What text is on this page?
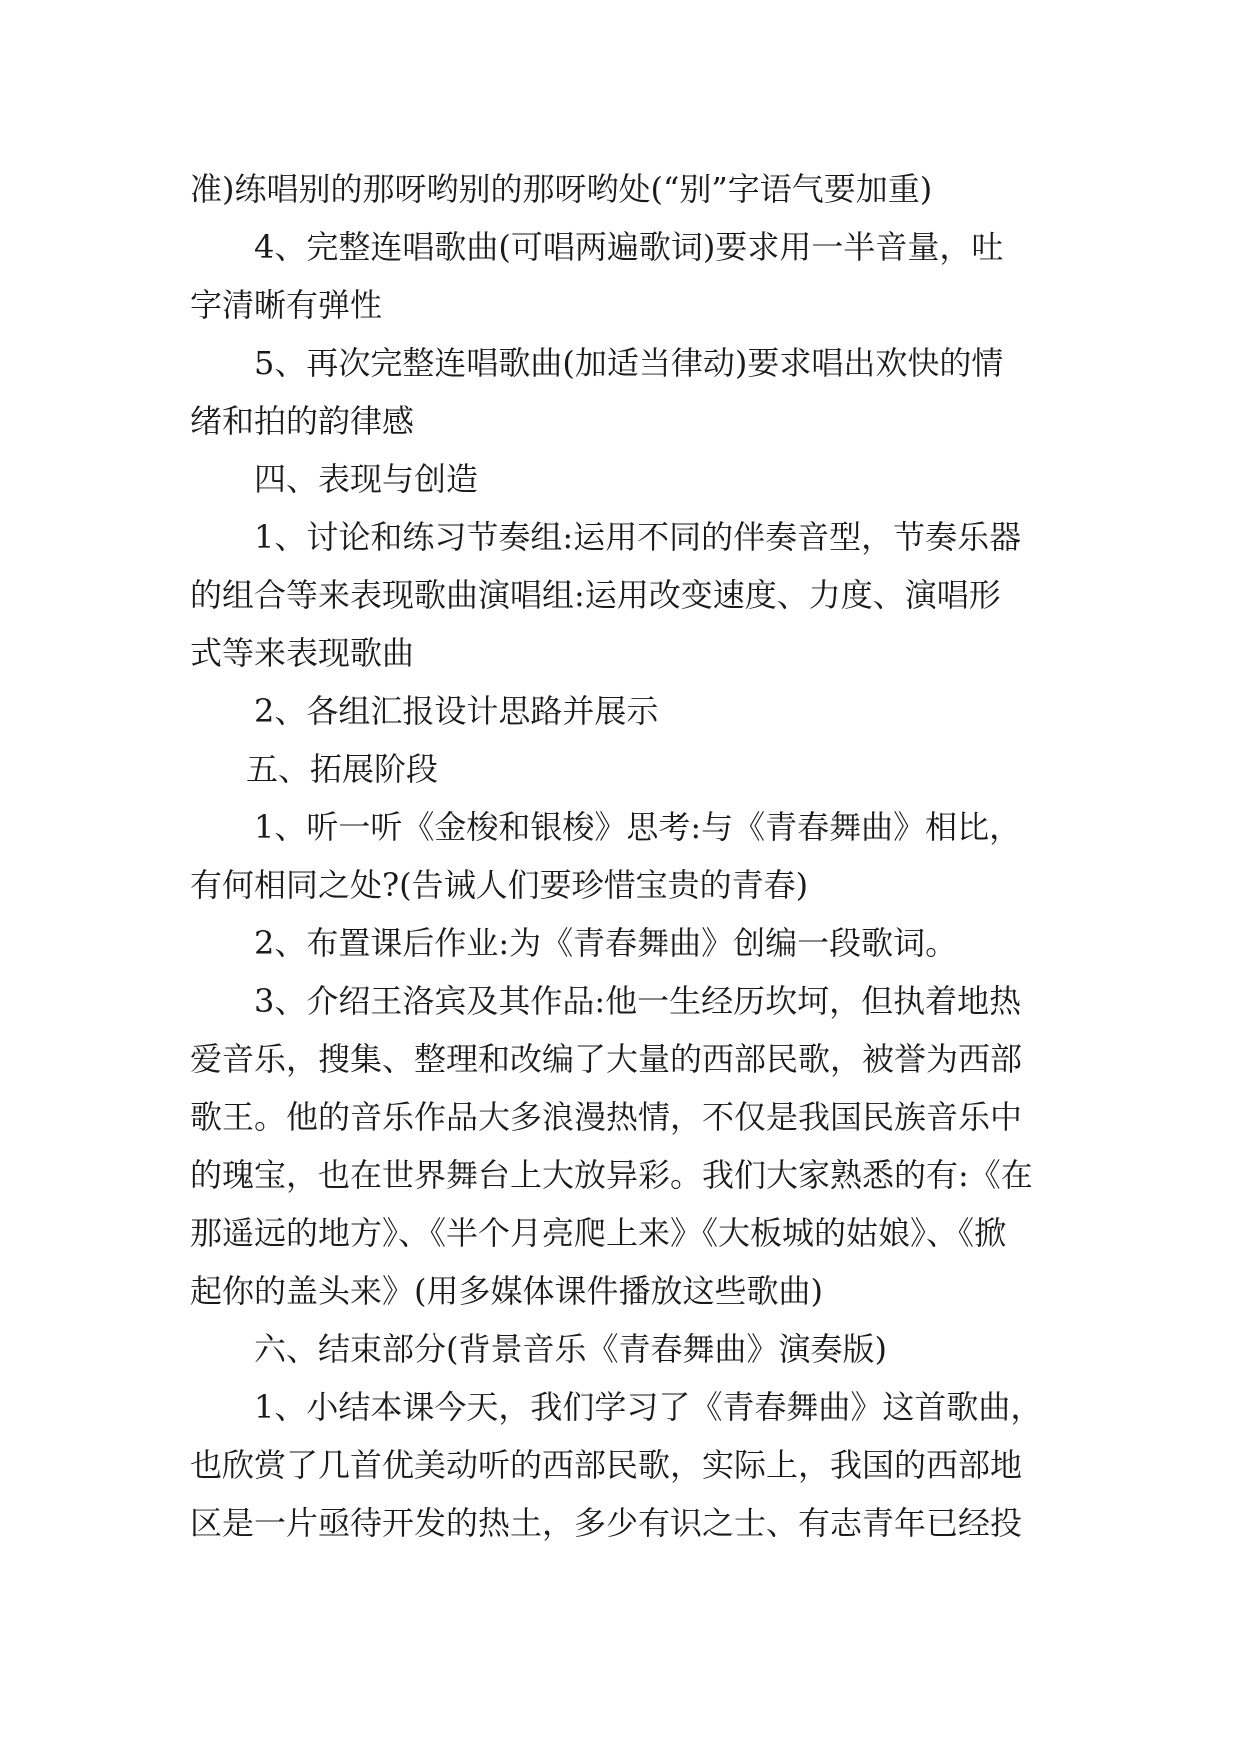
准)练唱别的那呀哟别的那呀哟处(“别”字语气要加重)
4、完整连唱歌曲(可唱两遍歌词)要求用一半音量，吐
字清晰有弹性
5、再次完整连唱歌曲(加适当律动)要求唱出欢快的情
绪和拍的韵律感
四、表现与创造
1、讨论和练习节奏组:运用不同的伴奏音型，节奏乐器
的组合等来表现歌曲演唱组:运用改变速度、力度、演唱形
式等来表现歌曲
2、各组汇报设计思路并展示
五、拓展阶段
1、听一听《金梭和银梭》思考:与《青春舞曲》相比，
有何相同之处?(告诫人们要珍惜宝贵的青春)
2、布置课后作业:为《青春舞曲》创编一段歌词。
3、介绍王洛宾及其作品:他一生经历坎坷，但执着地热
爱音乐，搜集、整理和改编了大量的西部民歌，被誉为西部
歌王。他的音乐作品大多浪漫热情，不仅是我国民族音乐中
的瑰宝，也在世界舞台上大放异彩。我们大家熟悉的有:《在
那遥远的地方》、《半个月亮爬上来》《大板城的姑娘》、《掀
起你的盖头来》(用多媒体课件播放这些歌曲)
六、结束部分(背景音乐《青春舞曲》演奏版)
1、小结本课今天，我们学习了《青春舞曲》这首歌曲，
也欣赏了几首优美动听的西部民歌，实际上，我国的西部地
区是一片亟待开发的热土，多少有识之士、有志青年已经投
